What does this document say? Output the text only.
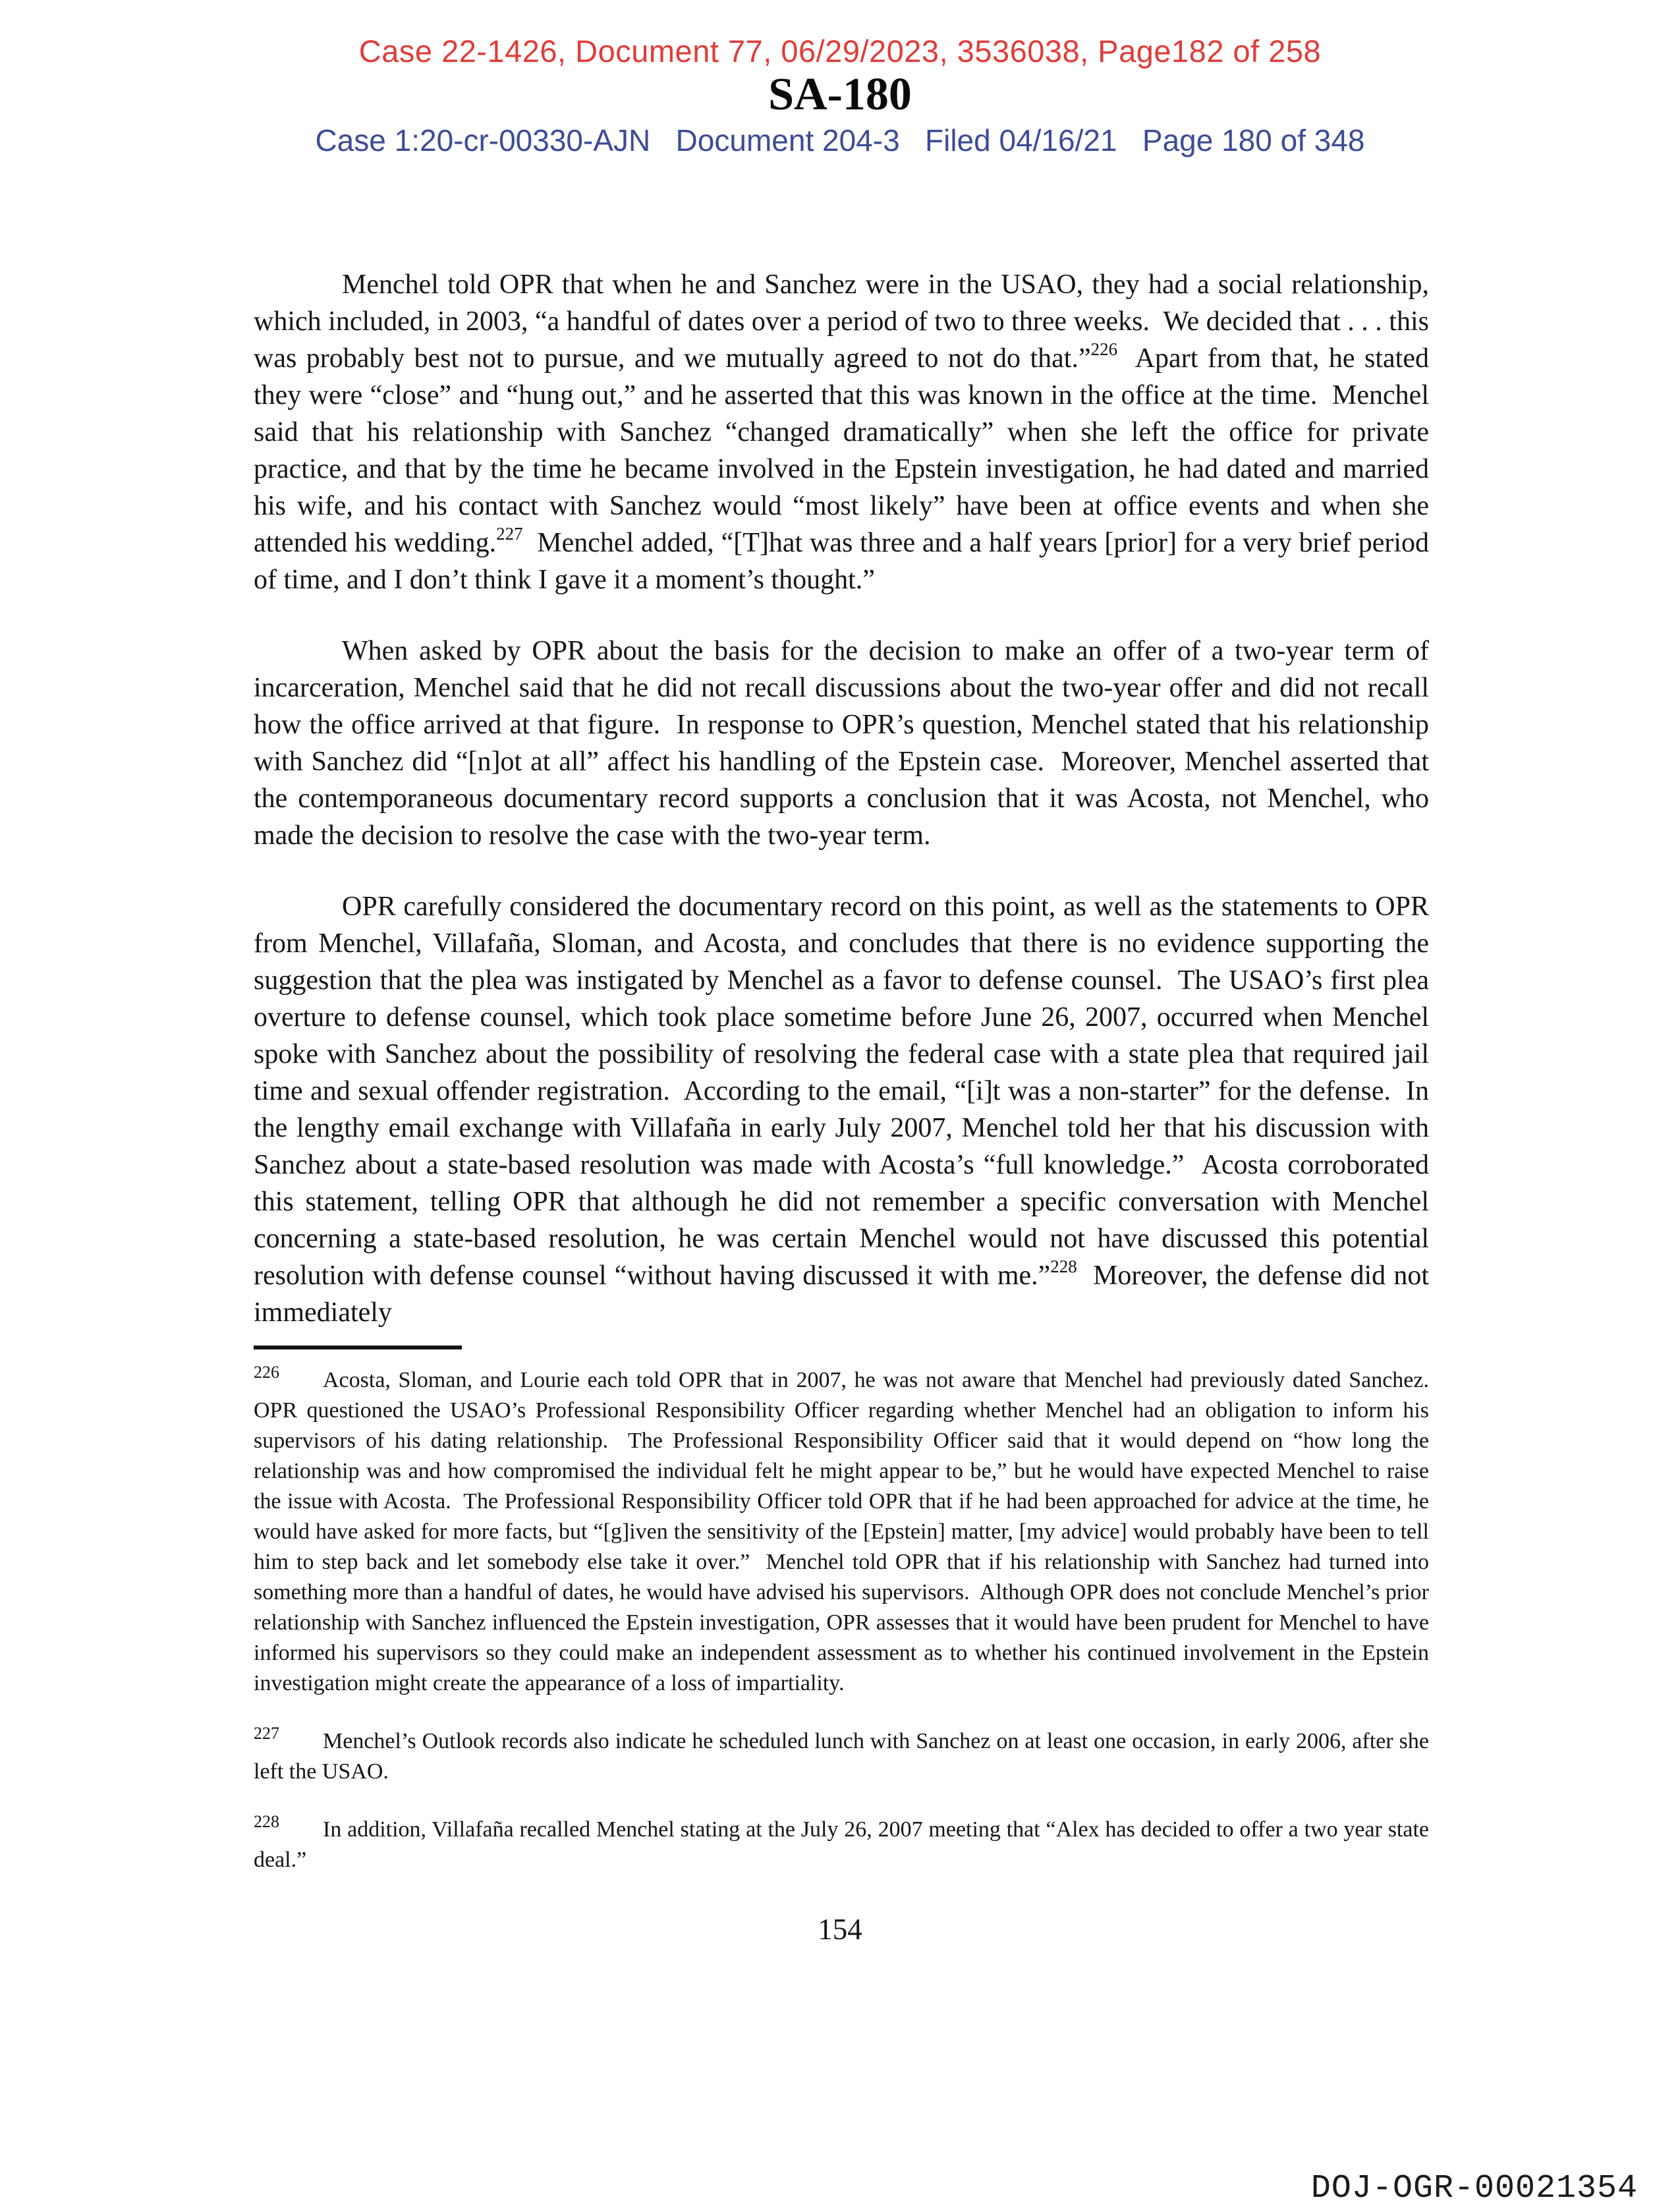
Case 22-1426, Document 77, 06/29/2023, 3536038, Page182 of 258
SA-180
Case 1:20-cr-00330-AJN   Document 204-3   Filed 04/16/21   Page 180 of 348

Menchel told OPR that when he and Sanchez were in the USAO, they had a social relationship, which included, in 2003, “a handful of dates over a period of two to three weeks.  We decided that . . . this was probably best not to pursue, and we mutually agreed to not do that.”$^{226}$  Apart from that, he stated they were “close” and “hung out,” and he asserted that this was known in the office at the time.  Menchel said that his relationship with Sanchez “changed dramatically” when she left the office for private practice, and that by the time he became involved in the Epstein investigation, he had dated and married his wife, and his contact with Sanchez would “most likely” have been at office events and when she attended his wedding.$^{227}$  Menchel added, “[T]hat was three and a half years [prior] for a very brief period of time, and I don’t think I gave it a moment’s thought.”

When asked by OPR about the basis for the decision to make an offer of a two-year term of incarceration, Menchel said that he did not recall discussions about the two-year offer and did not recall how the office arrived at that figure.  In response to OPR’s question, Menchel stated that his relationship with Sanchez did “[n]ot at all” affect his handling of the Epstein case.  Moreover, Menchel asserted that the contemporaneous documentary record supports a conclusion that it was Acosta, not Menchel, who made the decision to resolve the case with the two-year term.

OPR carefully considered the documentary record on this point, as well as the statements to OPR from Menchel, Villafaña, Sloman, and Acosta, and concludes that there is no evidence supporting the suggestion that the plea was instigated by Menchel as a favor to defense counsel.  The USAO’s first plea overture to defense counsel, which took place sometime before June 26, 2007, occurred when Menchel spoke with Sanchez about the possibility of resolving the federal case with a state plea that required jail time and sexual offender registration.  According to the email, “[i]t was a non-starter” for the defense.  In the lengthy email exchange with Villafaña in early July 2007, Menchel told her that his discussion with Sanchez about a state-based resolution was made with Acosta’s “full knowledge.”  Acosta corroborated this statement, telling OPR that although he did not remember a specific conversation with Menchel concerning a state-based resolution, he was certain Menchel would not have discussed this potential resolution with defense counsel “without having discussed it with me.”$^{228}$  Moreover, the defense did not immediately

$^{226}$ Acosta, Sloman, and Lourie each told OPR that in 2007, he was not aware that Menchel had previously dated Sanchez.  OPR questioned the USAO’s Professional Responsibility Officer regarding whether Menchel had an obligation to inform his supervisors of his dating relationship.  The Professional Responsibility Officer said that it would depend on “how long the relationship was and how compromised the individual felt he might appear to be,” but he would have expected Menchel to raise the issue with Acosta.  The Professional Responsibility Officer told OPR that if he had been approached for advice at the time, he would have asked for more facts, but “[g]iven the sensitivity of the [Epstein] matter, [my advice] would probably have been to tell him to step back and let somebody else take it over.”  Menchel told OPR that if his relationship with Sanchez had turned into something more than a handful of dates, he would have advised his supervisors.  Although OPR does not conclude Menchel’s prior relationship with Sanchez influenced the Epstein investigation, OPR assesses that it would have been prudent for Menchel to have informed his supervisors so they could make an independent assessment as to whether his continued involvement in the Epstein investigation might create the appearance of a loss of impartiality.
$^{227}$ Menchel’s Outlook records also indicate he scheduled lunch with Sanchez on at least one occasion, in early 2006, after she left the USAO.
$^{228}$ In addition, Villafaña recalled Menchel stating at the July 26, 2007 meeting that “Alex has decided to offer a two year state deal.”
154
DOJ-OGR-00021354
